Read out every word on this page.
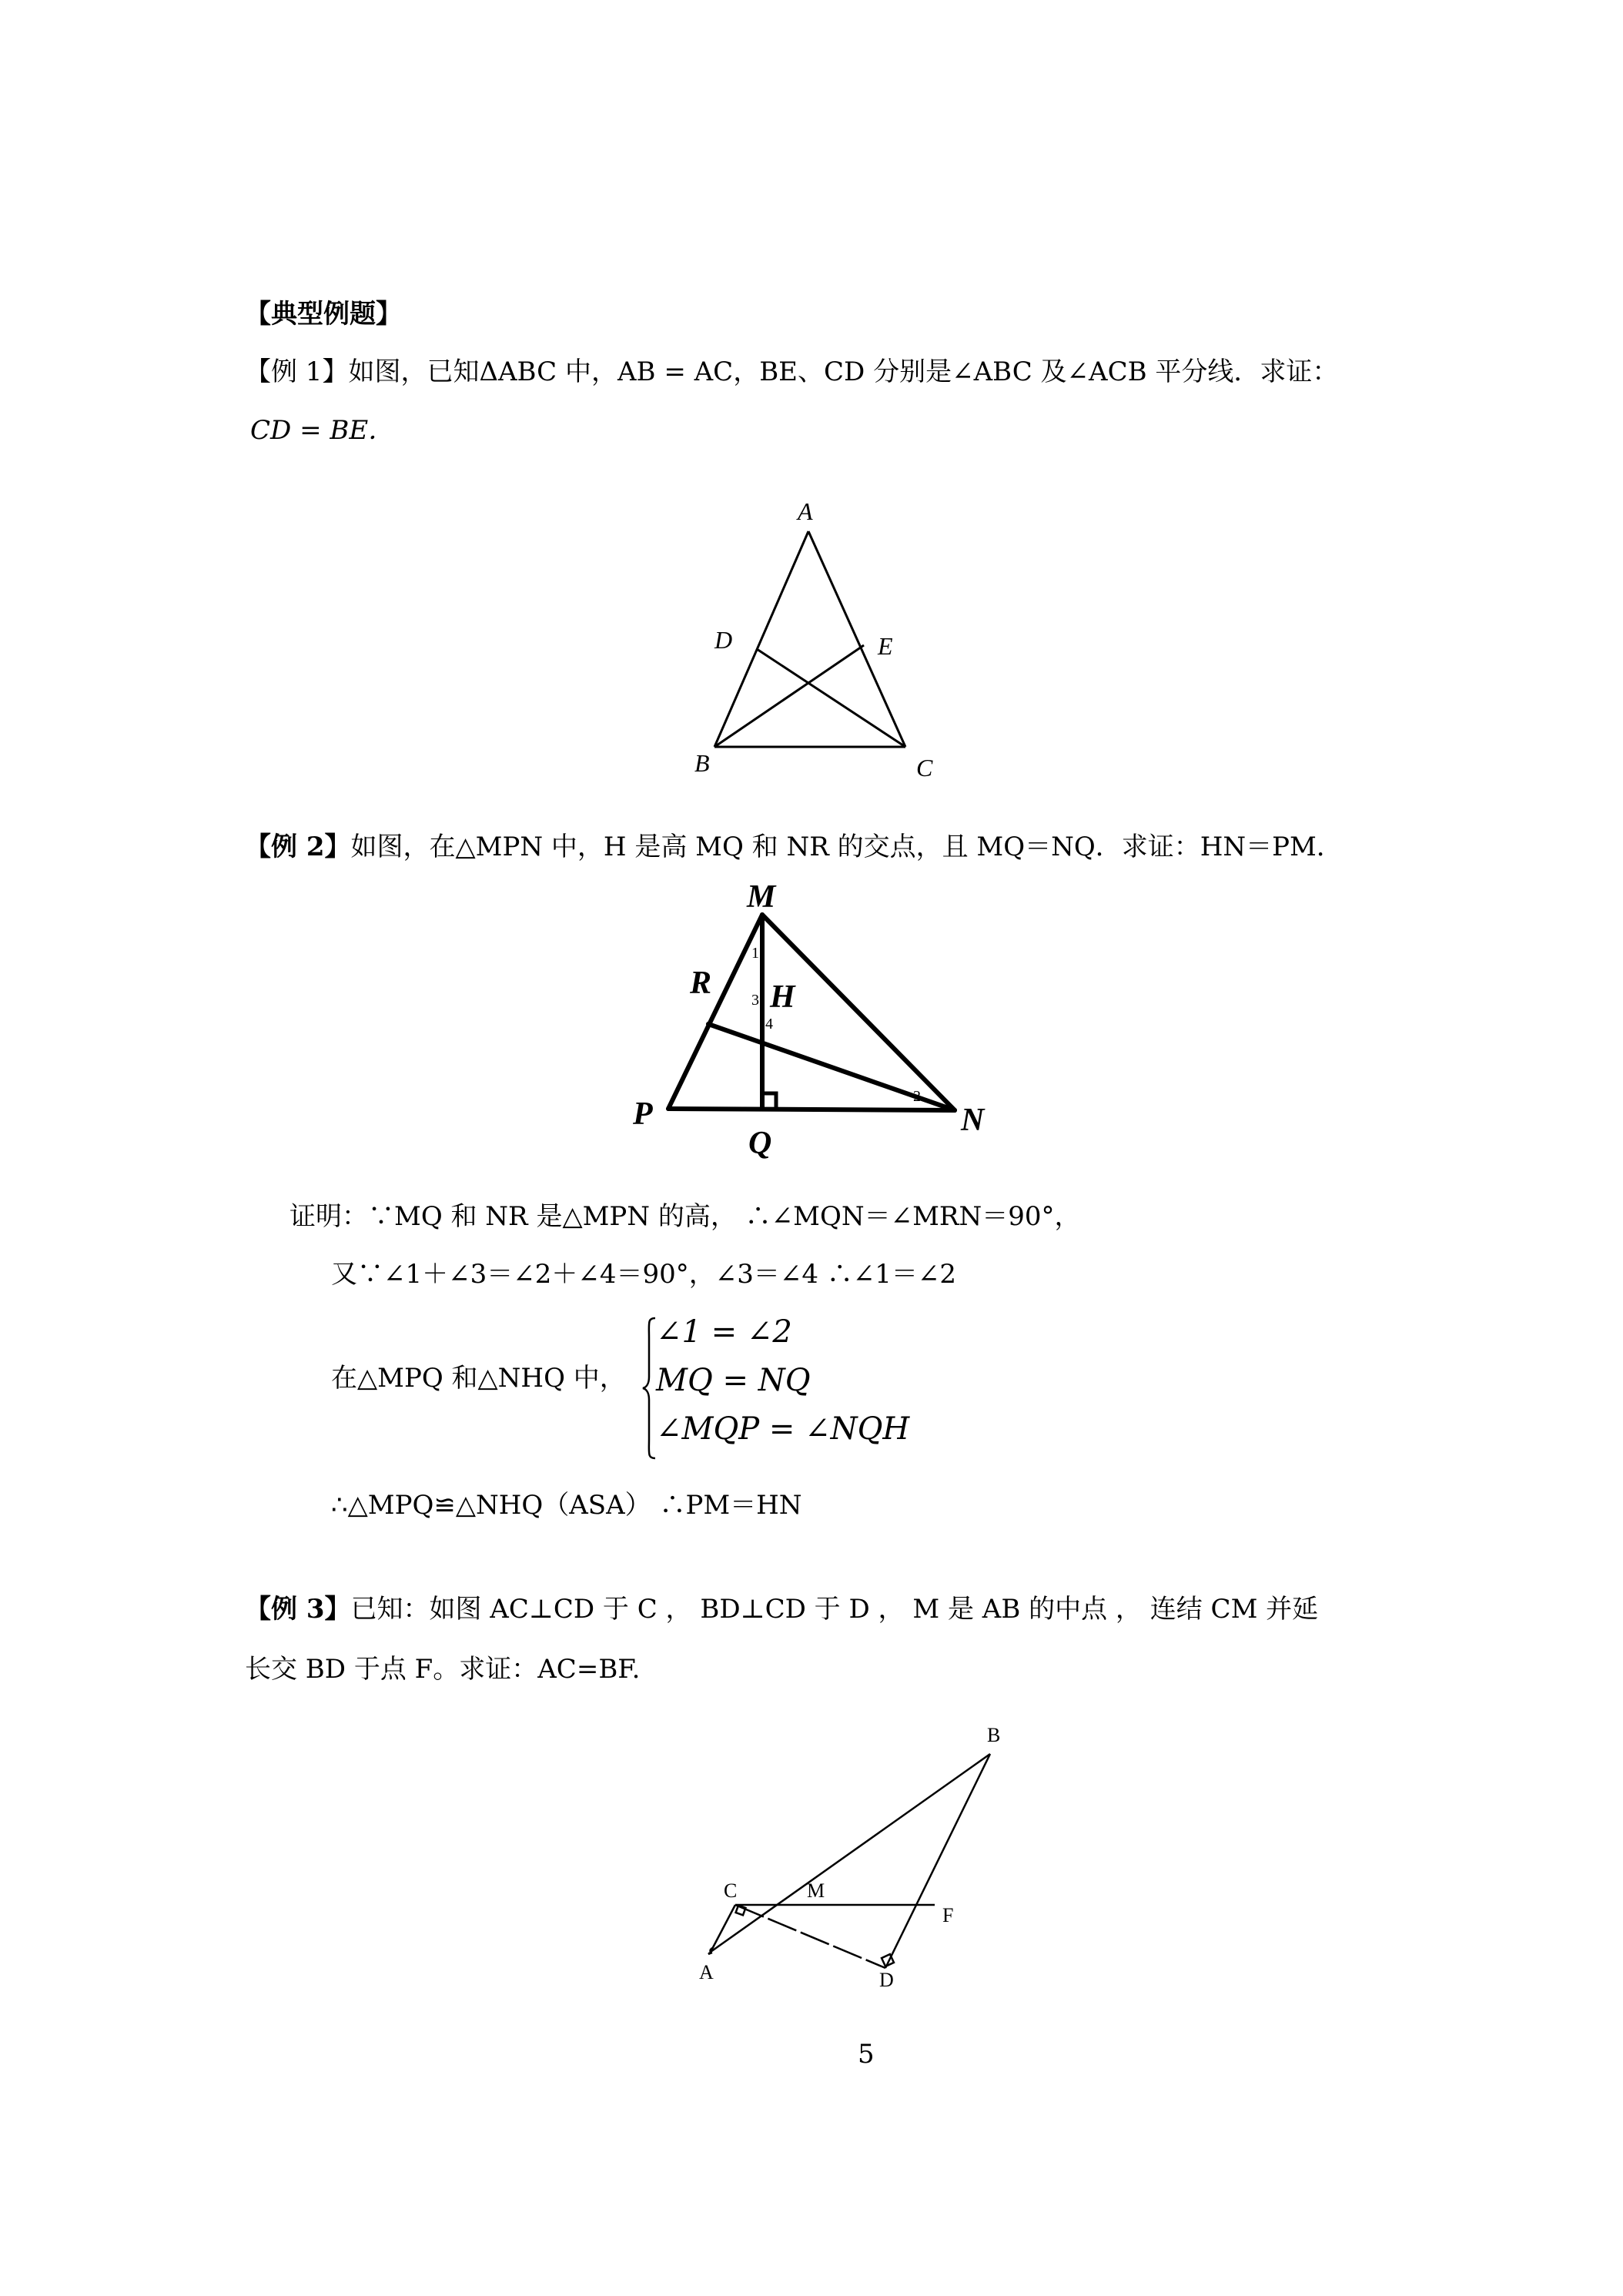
【典型例题】
【例 1】如图，已知ΔABC 中，AB = AC，BE、CD 分别是∠ABC 及∠ACB 平分线．求证：
CD = BE．
A
D	E
B	C
【例 2】如图，在△MPN 中，H 是高 MQ 和 NR 的交点，且 MQ＝NQ．求证：HN＝PM．
M
R H
P
Q
N
1
3
4
2
证明：∵MQ 和 NR 是△MPN 的高， ∴∠MQN＝∠MRN＝90°，
又∵∠1＋∠3＝∠2＋∠4＝90°，∠3＝∠4 ∴∠1＝∠2
在△MPQ 和△NHQ 中，
∠1 = ∠2
MQ = NQ
∠MQP = ∠NQH
∴△MPQ≌△NHQ（ASA） ∴PM＝HN
【例 3】已知：如图 AC⊥CD 于 C ， BD⊥CD 于 D ， M 是 AB 的中点 ， 连结 CM 并延
长交 BD 于点 F。求证：AC=BF.
B
C	M
F
D
A
5
